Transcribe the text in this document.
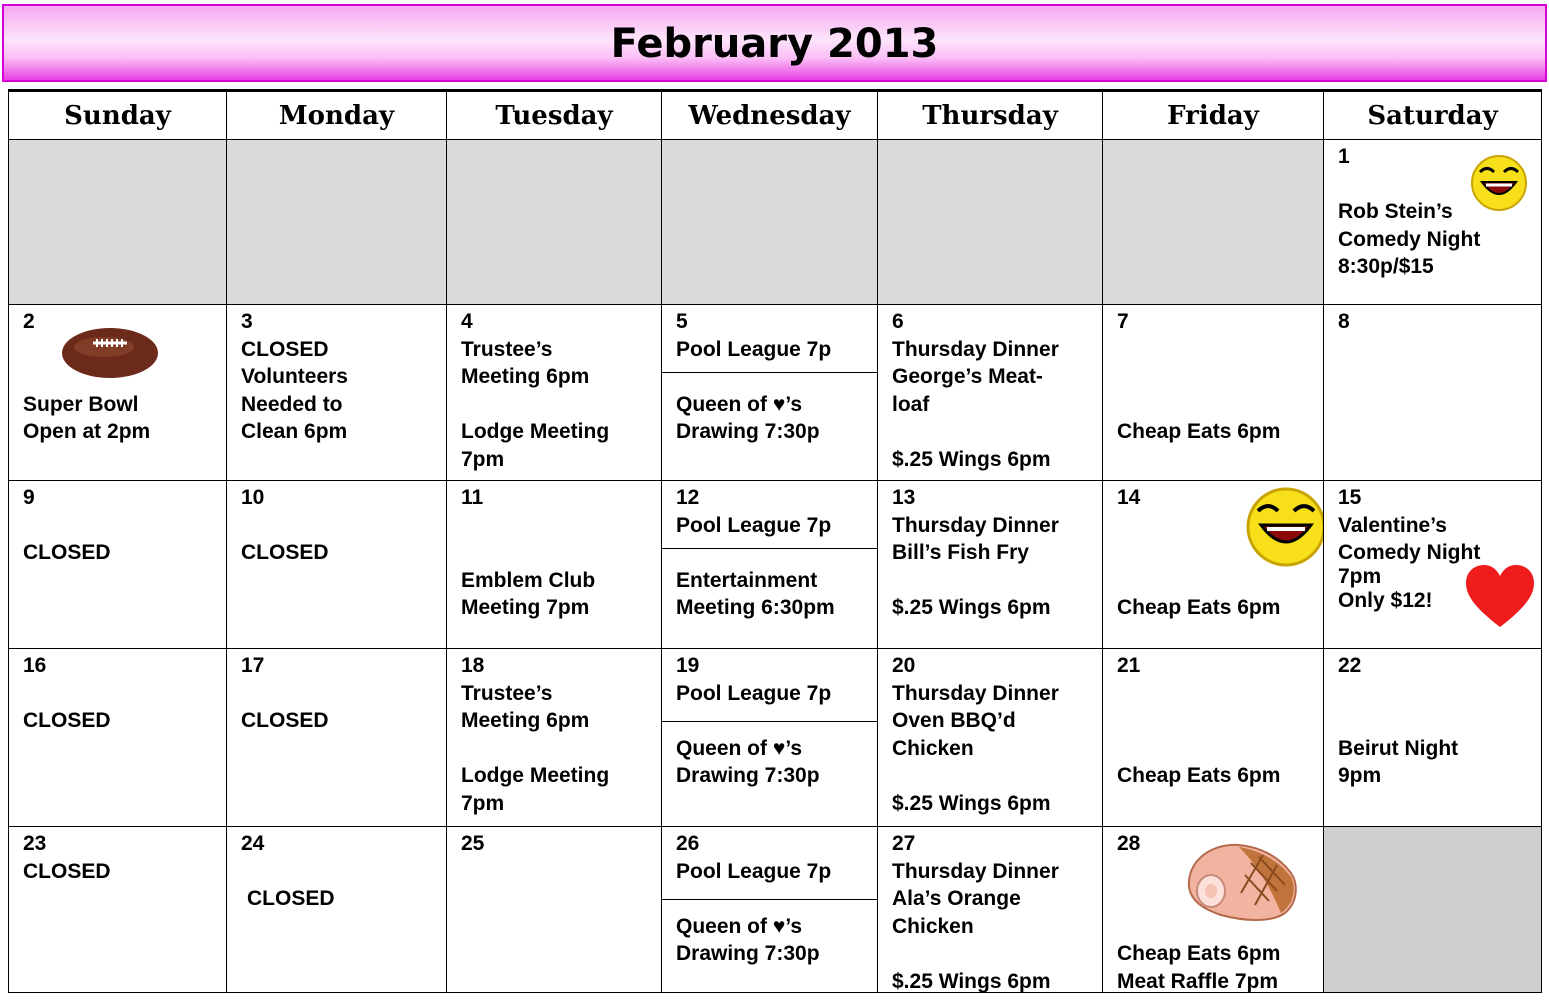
February 2013
Sunday	Monday	Tuesday	Wednesday	Thursday	Friday	Saturday

						1
Rob Stein’s
Comedy Night
8:30p/$15

2
Super Bowl
Open at 2pm	3
CLOSED
Volunteers
Needed to
Clean 6pm	4
Trustee’s
Meeting 6pm
Lodge Meeting
7pm	5
Pool League 7p
Queen of ♥’s
Drawing 7:30p	6
Thursday Dinner
George’s Meat-
loaf
$.25 Wings 6pm	7
Cheap Eats 6pm	8

9
CLOSED	10
CLOSED	11
Emblem Club
Meeting 7pm	12
Pool League 7p
Entertainment
Meeting 6:30pm	13
Thursday Dinner
Bill’s Fish Fry
$.25 Wings 6pm	14
Cheap Eats 6pm	15
Valentine’s
Comedy Night
7pm
Only $12!

16
CLOSED	17
CLOSED	18
Trustee’s
Meeting 6pm
Lodge Meeting
7pm	19
Pool League 7p
Queen of ♥’s
Drawing 7:30p	20
Thursday Dinner
Oven BBQ’d
Chicken
$.25 Wings 6pm	21
Cheap Eats 6pm	22
Beirut Night
9pm

23
CLOSED	24
CLOSED	25	26
Pool League 7p
Queen of ♥’s
Drawing 7:30p	27
Thursday Dinner
Ala’s Orange
Chicken
$.25 Wings 6pm	28
Cheap Eats 6pm
Meat Raffle 7pm	
